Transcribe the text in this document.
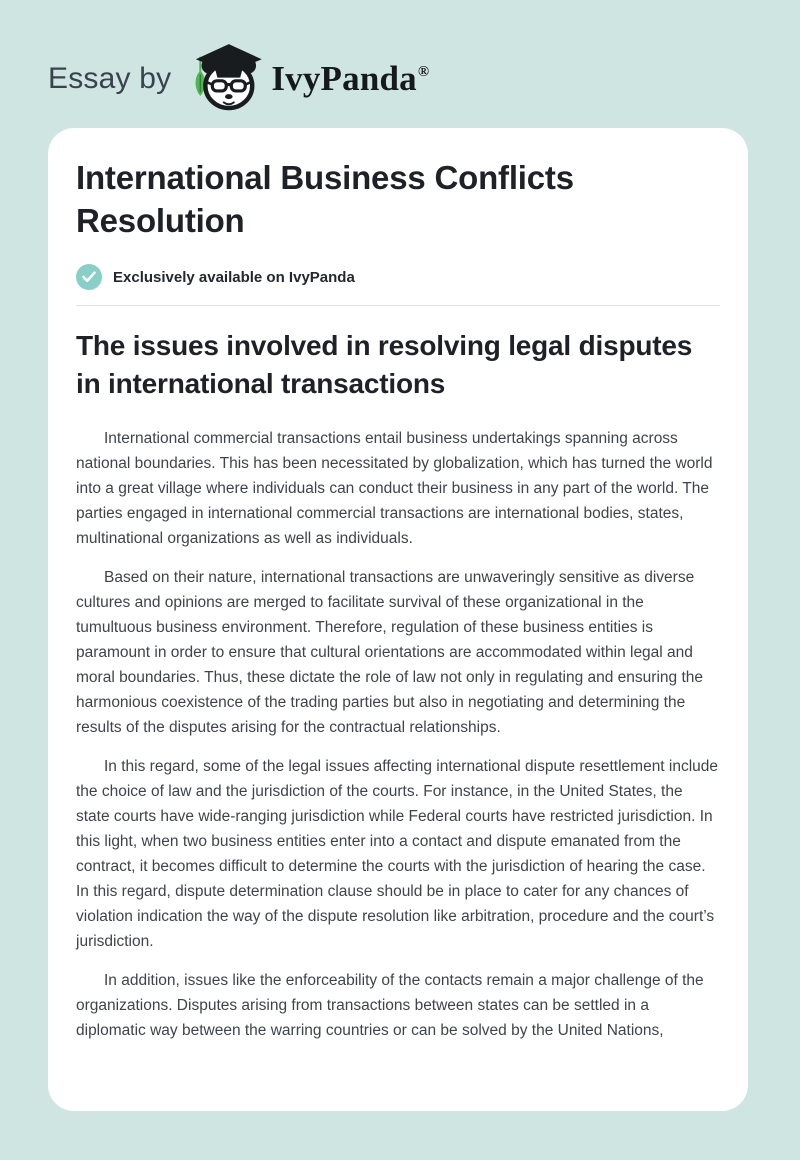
Essay by	IvyPanda®
International Business Conflicts Resolution
Exclusively available on IvyPanda
The issues involved in resolving legal disputes in international transactions

International commercial transactions entail business undertakings spanning across national boundaries. This has been necessitated by globalization, which has turned the world into a great village where individuals can conduct their business in any part of the world. The parties engaged in international commercial transactions are international bodies, states, multinational organizations as well as individuals.

Based on their nature, international transactions are unwaveringly sensitive as diverse cultures and opinions are merged to facilitate survival of these organizational in the tumultuous business environment. Therefore, regulation of these business entities is paramount in order to ensure that cultural orientations are accommodated within legal and moral boundaries. Thus, these dictate the role of law not only in regulating and ensuring the harmonious coexistence of the trading parties but also in negotiating and determining the results of the disputes arising for the contractual relationships.

In this regard, some of the legal issues affecting international dispute resettlement include the choice of law and the jurisdiction of the courts. For instance, in the United States, the state courts have wide-ranging jurisdiction while Federal courts have restricted jurisdiction. In this light, when two business entities enter into a contact and dispute emanated from the contract, it becomes difficult to determine the courts with the jurisdiction of hearing the case. In this regard, dispute determination clause should be in place to cater for any chances of violation indication the way of the dispute resolution like arbitration, procedure and the court’s jurisdiction.

In addition, issues like the enforceability of the contacts remain a major challenge of the organizations. Disputes arising from transactions between states can be settled in a diplomatic way between the warring countries or can be solved by the United Nations,
